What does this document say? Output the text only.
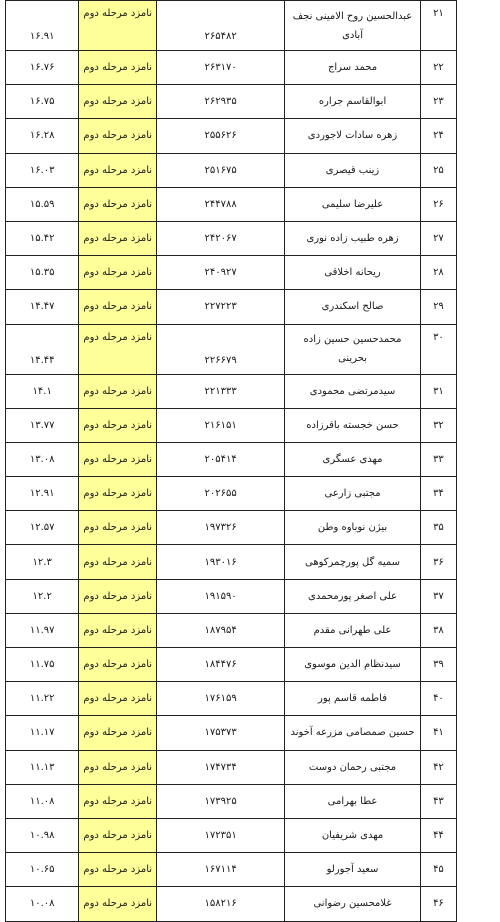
۲۱	عبدالحسین روح الامینی نجف آبادی	۲۶۵۴۸۲	نامزد مرحله دوم	۱۶.۹۱
۲۲	محمد سراج	۲۶۳۱۷۰	نامزد مرحله دوم	۱۶.۷۶
۲۳	ابوالقاسم جراره	۲۶۲۹۳۵	نامزد مرحله دوم	۱۶.۷۵
۲۴	زهره سادات لاجوردی	۲۵۵۶۲۶	نامزد مرحله دوم	۱۶.۲۸
۲۵	زینب قیصری	۲۵۱۶۷۵	نامزد مرحله دوم	۱۶.۰۳
۲۶	علیرضا سلیمی	۲۴۴۷۸۸	نامزد مرحله دوم	۱۵.۵۹
۲۷	زهره طبیب زاده نوری	۲۴۲۰۶۷	نامزد مرحله دوم	۱۵.۴۲
۲۸	ریحانه اخلاقی	۲۴۰۹۲۷	نامزد مرحله دوم	۱۵.۳۵
۲۹	صالح اسکندری	۲۲۷۲۲۳	نامزد مرحله دوم	۱۴.۴۷
۳۰	محمدحسین حسین زاده بحرینی	۲۲۶۶۷۹	نامزد مرحله دوم	۱۴.۴۴
۳۱	سیدمرتضی محمودی	۲۲۱۳۳۳	نامزد مرحله دوم	۱۴.۱
۳۲	حسن خجسته باقرزاده	۲۱۶۱۵۱	نامزد مرحله دوم	۱۳.۷۷
۳۳	مهدی عسگری	۲۰۵۴۱۴	نامزد مرحله دوم	۱۳.۰۸
۳۴	مجتبی زارعی	۲۰۲۶۵۵	نامزد مرحله دوم	۱۲.۹۱
۳۵	بیژن نوباوه وطن	۱۹۷۳۲۶	نامزد مرحله دوم	۱۲.۵۷
۳۶	سمیه گل پورچمرکوهی	۱۹۳۰۱۶	نامزد مرحله دوم	۱۲.۳
۳۷	علی اصغر پورمحمدی	۱۹۱۵۹۰	نامزد مرحله دوم	۱۲.۲
۳۸	علی طهرانی مقدم	۱۸۷۹۵۴	نامزد مرحله دوم	۱۱.۹۷
۳۹	سیدنظام الدین موسوی	۱۸۴۴۷۶	نامزد مرحله دوم	۱۱.۷۵
۴۰	فاطمه قاسم پور	۱۷۶۱۵۹	نامزد مرحله دوم	۱۱.۲۲
۴۱	حسین صمصامی مزرعه آخوند	۱۷۵۳۷۳	نامزد مرحله دوم	۱۱.۱۷
۴۲	مجتبی رحمان دوست	۱۷۴۷۳۴	نامزد مرحله دوم	۱۱.۱۳
۴۳	عطا بهرامی	۱۷۳۹۲۵	نامزد مرحله دوم	۱۱.۰۸
۴۴	مهدی شریفیان	۱۷۲۳۵۱	نامزد مرحله دوم	۱۰.۹۸
۴۵	سعید آجورلو	۱۶۷۱۱۴	نامزد مرحله دوم	۱۰.۶۵
۴۶	غلامحسین رضوانی	۱۵۸۲۱۶	نامزد مرحله دوم	۱۰.۰۸
